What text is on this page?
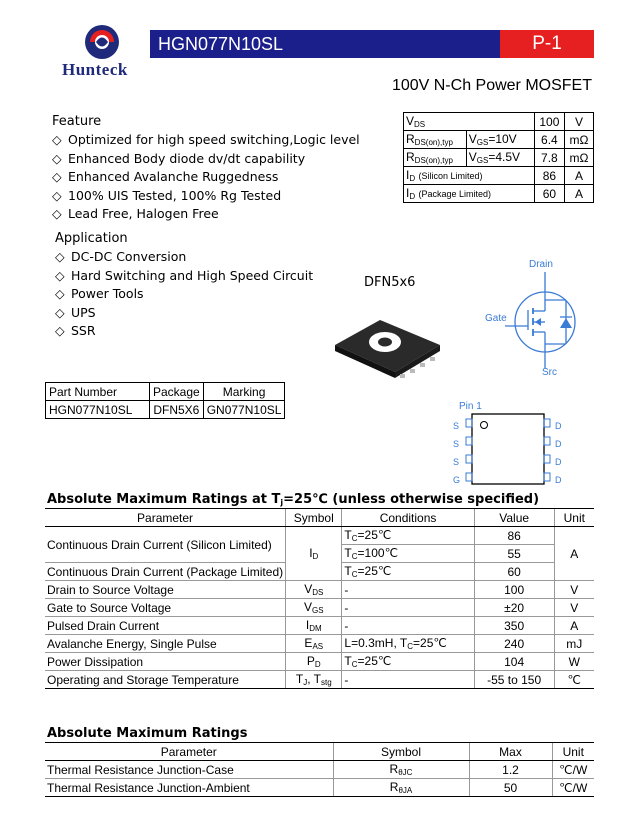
Hunteck
HGN077N10SL	P-1
100V N-Ch Power MOSFET
Feature
◇ Optimized for high speed switching,Logic level
◇ Enhanced Body diode dv/dt capability
◇ Enhanced Avalanche Ruggedness
◇ 100% UIS Tested, 100% Rg Tested
◇ Lead Free, Halogen Free
Application
◇ DC-DC Conversion
◇ Hard Switching and High Speed Circuit
◇ Power Tools
◇ UPS
◇ SSR
$V_{DS}$		100	V
$R_{DS(on),typ}$	$V_{GS}=10V$	6.4	mΩ
$R_{DS(on),typ}$	$V_{GS}=4.5V$	7.8	mΩ
$I_D$ (Silicon Limited)		86	A
$I_D$ (Package Limited)		60	A
DFN5x6
Drain
Gate
Src
Part Number	Package	Marking
HGN077N10SL	DFN5X6	GN077N10SL	Pin 1
S
S
S
G
D
D
D
D
Absolute Maximum Ratings at $T_j=25℃$ (unless otherwise specified)
Parameter	Symbol	Conditions	Value	Unit
Continuous Drain Current (Silicon Limited)	$I_D$	$T_C=25℃$	86	A
		$T_C=100℃$	55	
Continuous Drain Current (Package Limited)		$T_C=25℃$	60	
Drain to Source Voltage	$V_{DS}$	-	100	V
Gate to Source Voltage	$V_{GS}$	-	±20	V
Pulsed Drain Current	$I_{DM}$	-	350	A
Avalanche Energy, Single Pulse	$E_{AS}$	L=0.3mH, $T_C=25℃$	240	mJ
Power Dissipation	$P_D$	$T_C=25℃$	104	W
Operating and Storage Temperature	$T_J$, $T_{stg}$	-	-55 to 150	℃
Absolute Maximum Ratings
Parameter	Symbol	Max	Unit
Thermal Resistance Junction-Case	$R_{\theta JC}$	1.2	℃/W
Thermal Resistance Junction-Ambient	$R_{\theta JA}$	50	℃/W
